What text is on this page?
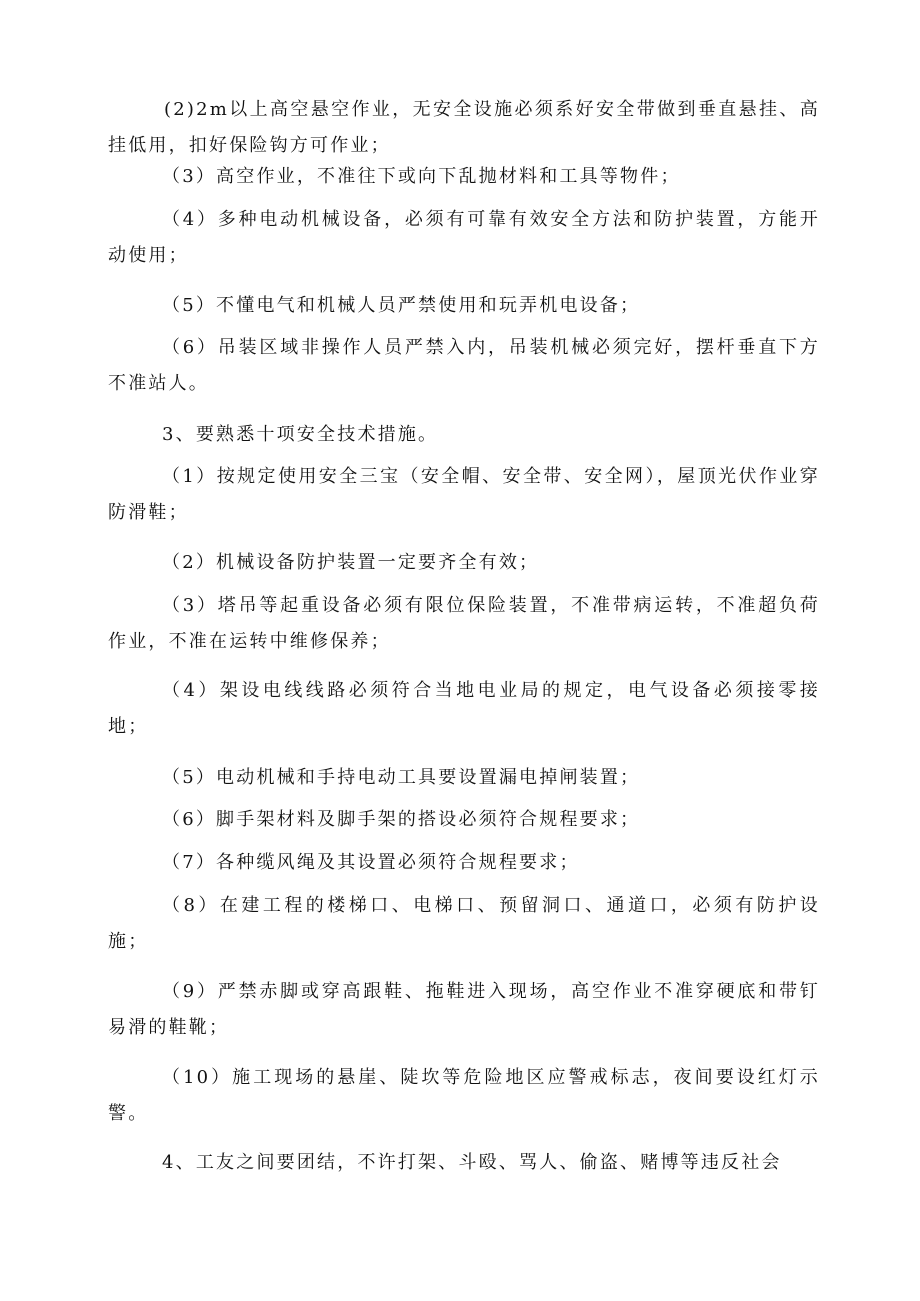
(2)2m以上高空悬空作业，无安全设施必须系好安全带做到垂直悬挂、高挂低用，扣好保险钩方可作业；

（3）高空作业，不准往下或向下乱抛材料和工具等物件；

（4）多种电动机械设备，必须有可靠有效安全方法和防护装置，方能开动使用；

（5）不懂电气和机械人员严禁使用和玩弄机电设备；

（6）吊装区域非操作人员严禁入内，吊装机械必须完好，摆杆垂直下方不准站人。

3、要熟悉十项安全技术措施。

（1）按规定使用安全三宝（安全帽、安全带、安全网），屋顶光伏作业穿防滑鞋；

（2）机械设备防护装置一定要齐全有效；

（3）塔吊等起重设备必须有限位保险装置，不准带病运转，不准超负荷作业，不准在运转中维修保养；

（4）架设电线线路必须符合当地电业局的规定，电气设备必须接零接地；

（5）电动机械和手持电动工具要设置漏电掉闸装置；

（6）脚手架材料及脚手架的搭设必须符合规程要求；

（7）各种缆风绳及其设置必须符合规程要求；

（8）在建工程的楼梯口、电梯口、预留洞口、通道口，必须有防护设施；

（9）严禁赤脚或穿高跟鞋、拖鞋进入现场，高空作业不准穿硬底和带钉易滑的鞋靴；

（10）施工现场的悬崖、陡坎等危险地区应警戒标志，夜间要设红灯示警。

4、工友之间要团结，不许打架、斗殴、骂人、偷盗、赌博等违反社会
